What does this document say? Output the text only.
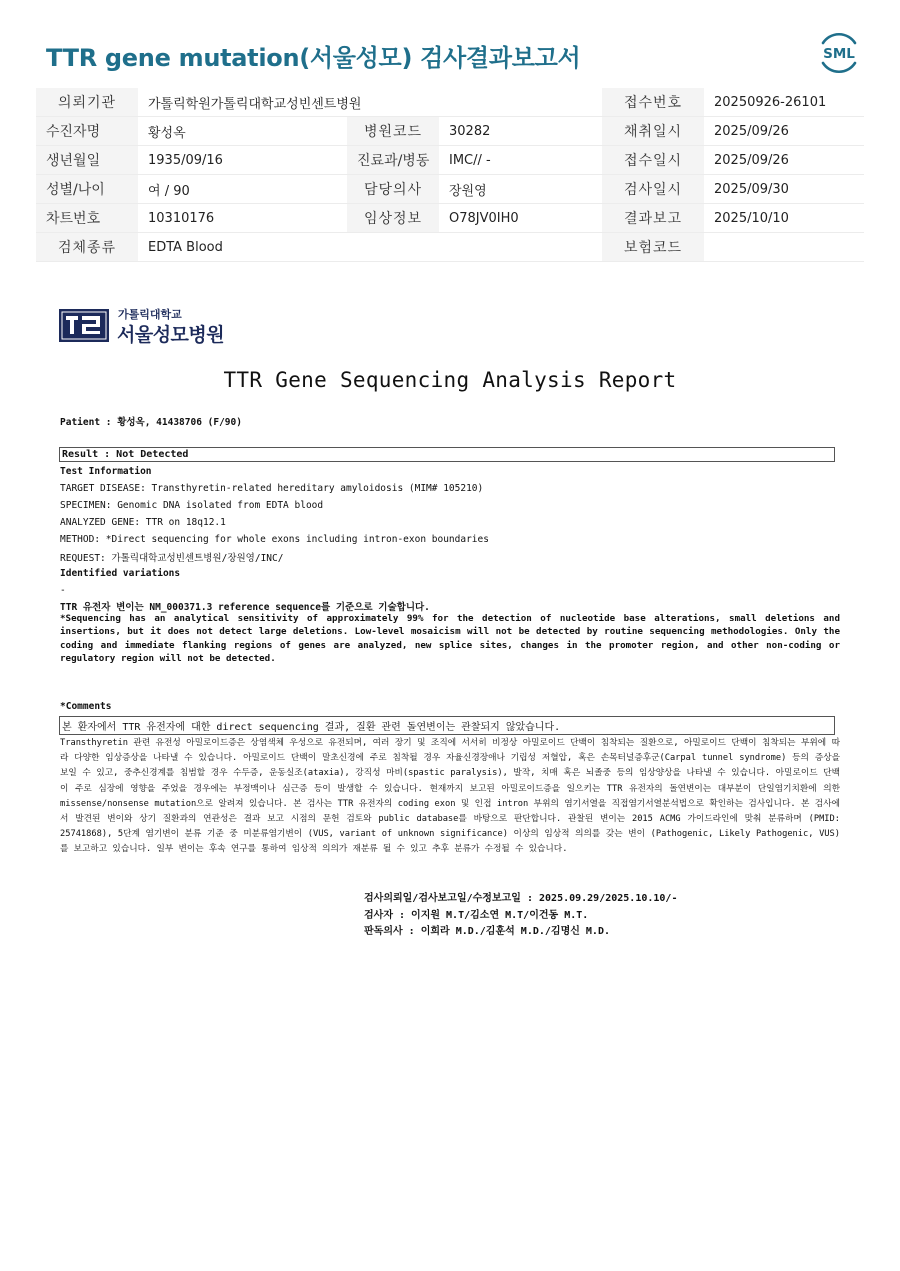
TTR gene mutation(서울성모) 검사결과보고서	SML
의뢰기관	가톨릭학원가톨릭대학교성빈센트병원			접수번호	20250926-26101
수진자명	황성옥	병원코드	30282	채취일시	2025/09/26
생년월일	1935/09/16	진료과/병동	IMC// -	접수일시	2025/09/26
성별/나이	여 / 90	담당의사	장원영	검사일시	2025/09/30
차트번호	10310176	임상정보	O78JV0IH0	결과보고	2025/10/10
검체종류	EDTA Blood			보험코드	
가톨릭대학교
서울성모병원
TTR Gene Sequencing Analysis Report
Patient : 황성옥, 41438706 (F/90)
Result : Not Detected
Test Information
TARGET DISEASE: Transthyretin-related hereditary amyloidosis (MIM# 105210)
SPECIMEN: Genomic DNA isolated from EDTA blood
ANALYZED GENE: TTR on 18q12.1
METHOD: *Direct sequencing for whole exons including intron-exon boundaries
REQUEST: 가톨릭대학교성빈센트병원/장원영/INC/
Identified variations
-
TTR 유전자 변이는 NM_000371.3 reference sequence를 기준으로 기술합니다.
*Sequencing has an analytical sensitivity of approximately 99% for the detection of nucleotide base alterations, small deletions and insertions, but it does not detect large deletions. Low-level mosaicism will not be detected by routine sequencing methodologies. Only the coding and immediate flanking regions of genes are analyzed, new splice sites, changes in the promoter region, and other non-coding or regulatory region will not be detected.
*Comments
본 환자에서 TTR 유전자에 대한 direct sequencing 결과, 질환 관련 돌연변이는 관찰되지 않았습니다.
Transthyretin 관련 유전성 아밀로이드증은 상염색체 우성으로 유전되며, 여러 장기 및 조직에 서서히 비정상 아밀로이드 단백이 침착되는 질환으로, 아밀로이드 단백이 침착되는 부위에 따라 다양한 임상증상을 나타낼 수 있습니다. 아밀로이드 단백이 말초신경에 주로 침착될 경우 자율신경장애나 기립성 저혈압, 혹은 손목터널증후군(Carpal tunnel syndrome) 등의 증상을 보일 수 있고, 중추신경계를 침범할 경우 수두증, 운동실조(ataxia), 강직성 마비(spastic paralysis), 발작, 치매 혹은 뇌졸중 등의 임상양상을 나타낼 수 있습니다. 아밀로이드 단백이 주로 심장에 영향을 주었을 경우에는 부정맥이나 심근증 등이 발생할 수 있습니다. 현재까지 보고된 아밀로이드증을 일으키는 TTR 유전자의 돌연변이는 대부분이 단일염기치환에 의한 missense/nonsense mutation으로 알려져 있습니다. 본 검사는 TTR 유전자의 coding exon 및 인접 intron 부위의 염기서열을 직접염기서열분석법으로 확인하는 검사입니다. 본 검사에서 발견된 변이와 상기 질환과의 연관성은 결과 보고 시점의 문헌 검토와 public database를 바탕으로 판단합니다. 관찰된 변이는 2015 ACMG 가이드라인에 맞춰 분류하며 (PMID: 25741868), 5단계 염기변이 분류 기준 중 미분류염기변이 (VUS, variant of unknown significance) 이상의 임상적 의의를 갖는 변이 (Pathogenic, Likely Pathogenic, VUS) 를 보고하고 있습니다. 일부 변이는 후속 연구를 통하여 임상적 의의가 재분류 될 수 있고 추후 분류가 수정될 수 있습니다.
검사의뢰일/검사보고일/수정보고일 : 2025.09.29/2025.10.10/-
검사자 : 이지원 M.T/김소연 M.T/이건동 M.T.
판독의사 : 이희라 M.D./김훈석 M.D./김명신 M.D.
